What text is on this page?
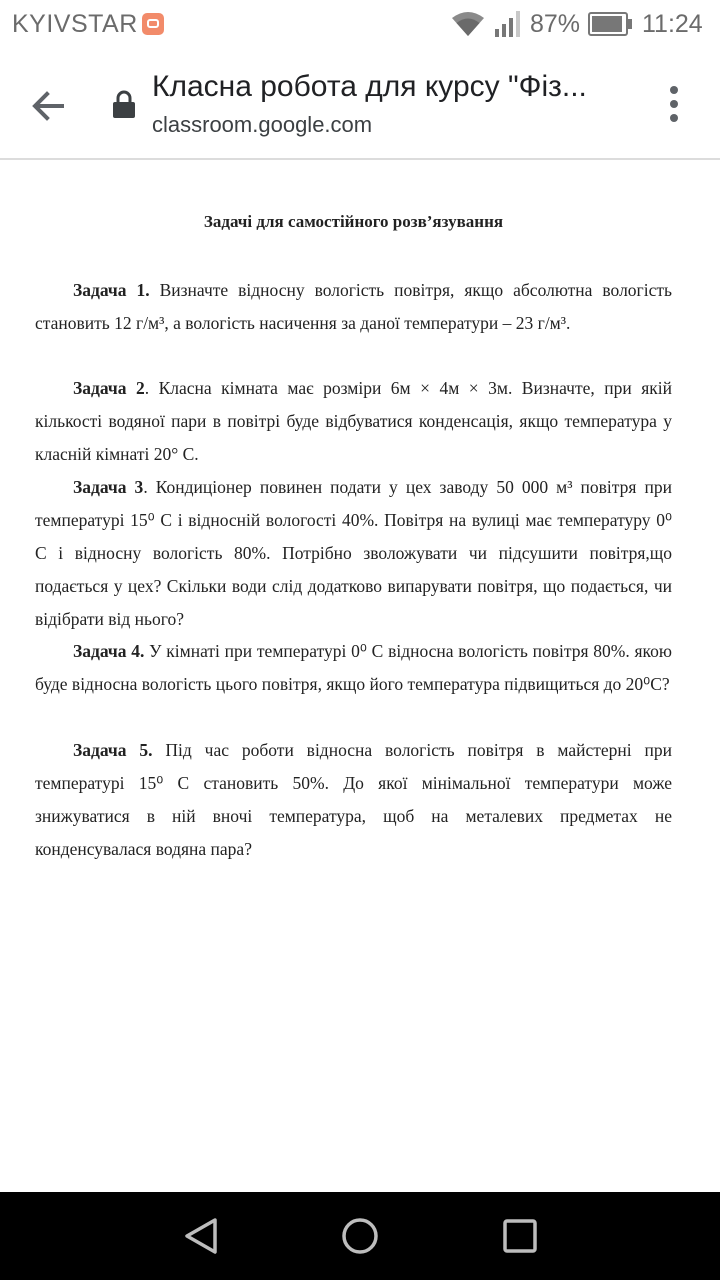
KYIVSTAR	87% 11:24
Класна робота для курсу "Фіз...
classroom.google.com
Задачі для самостійного розв’язування

Задача 1. Визначте відносну вологість повітря, якщо абсолютна вологість становить 12 г/м³, а вологість насичення за даної температури – 23 г/м³.

Задача 2. Класна кімната має розміри 6м × 4м × 3м. Визначте, при якій кількості водяної пари в повітрі буде відбуватися конденсація, якщо температура у класній кімнаті 20° С.

Задача 3. Кондиціонер повинен подати у цех заводу 50 000 м³ повітря при температурі 15⁰ С і відносній вологості 40%. Повітря на вулиці має температуру 0⁰ С і відносну вологість 80%. Потрібно зволожувати чи підсушити повітря,що подається у цех? Скільки води слід додатково випарувати повітря, що подається, чи відібрати від нього?

Задача 4. У кімнаті при температурі 0⁰ С відносна вологість повітря 80%. якою буде відносна вологість цього повітря, якщо його температура підвищиться до 20⁰С?

Задача 5. Під час роботи відносна вологість повітря в майстерні при температурі 15⁰ С становить 50%. До якої мінімальної температури може знижуватися в ній вночі температура, щоб на металевих предметах не конденсувалася водяна пара?
